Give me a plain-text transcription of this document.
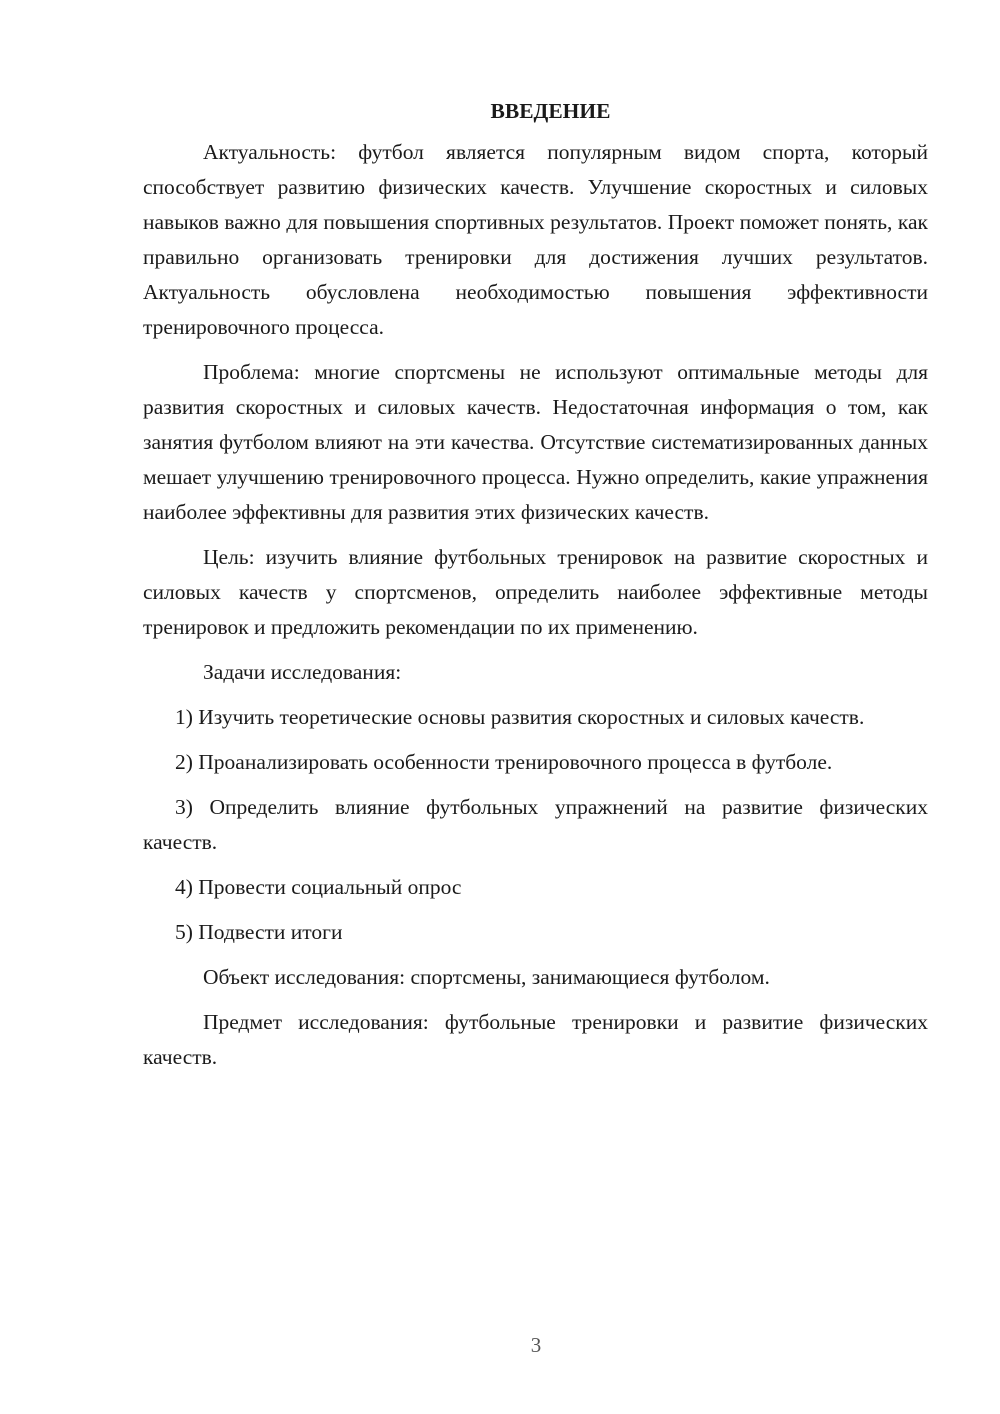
ВВЕДЕНИЕ

Актуальность: футбол является популярным видом спорта, который способствует развитию физических качеств. Улучшение скоростных и силовых навыков важно для повышения спортивных результатов. Проект поможет понять, как правильно организовать тренировки для достижения лучших результатов. Актуальность обусловлена необходимостью повышения эффективности тренировочного процесса.

Проблема: многие спортсмены не используют оптимальные методы для развития скоростных и силовых качеств. Недостаточная информация о том, как занятия футболом влияют на эти качества. Отсутствие систематизированных данных мешает улучшению тренировочного процесса. Нужно определить, какие упражнения наиболее эффективны для развития этих физических качеств.

Цель: изучить влияние футбольных тренировок на развитие скоростных и силовых качеств у спортсменов, определить наиболее эффективные методы тренировок и предложить рекомендации по их применению.

Задачи исследования:

1) Изучить теоретические основы развития скоростных и силовых качеств.

2) Проанализировать особенности тренировочного процесса в футболе.

3) Определить влияние футбольных упражнений на развитие физических качеств.

4) Провести социальный опрос

5) Подвести итоги

Объект исследования: спортсмены, занимающиеся футболом.

Предмет исследования: футбольные тренировки и развитие физических качеств.

3
